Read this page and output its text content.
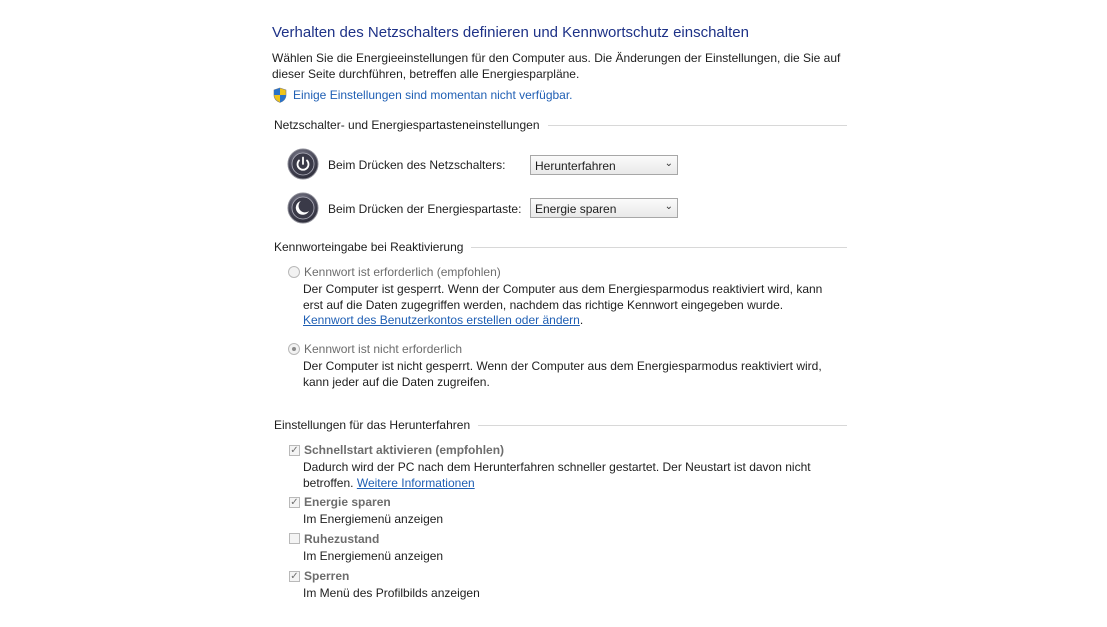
Verhalten des Netzschalters definieren und Kennwortschutz einschalten
Wählen Sie die Energieeinstellungen für den Computer aus. Die Änderungen der Einstellungen, die Sie auf
dieser Seite durchführen, betreffen alle Energiesparpläne.
Einige Einstellungen sind momentan nicht verfügbar.
Netzschalter- und Energiespartasteneinstellungen
Beim Drücken des Netzschalters:	Herunterfahren	⌄
Beim Drücken der Energiespartaste:	Energie sparen	⌄
Kennworteingabe bei Reaktivierung
Kennwort ist erforderlich (empfohlen)
Der Computer ist gesperrt. Wenn der Computer aus dem Energiesparmodus reaktiviert wird, kann
erst auf die Daten zugegriffen werden, nachdem das richtige Kennwort eingegeben wurde.
Kennwort des Benutzerkontos erstellen oder ändern.
Kennwort ist nicht erforderlich
Der Computer ist nicht gesperrt. Wenn der Computer aus dem Energiesparmodus reaktiviert wird,
kann jeder auf die Daten zugreifen.
Einstellungen für das Herunterfahren
✓ Schnellstart aktivieren (empfohlen)
Dadurch wird der PC nach dem Herunterfahren schneller gestartet. Der Neustart ist davon nicht
betroffen. Weitere Informationen
✓ Energie sparen
Im Energiemenü anzeigen
Ruhezustand
Im Energiemenü anzeigen
✓ Sperren
Im Menü des Profilbilds anzeigen
